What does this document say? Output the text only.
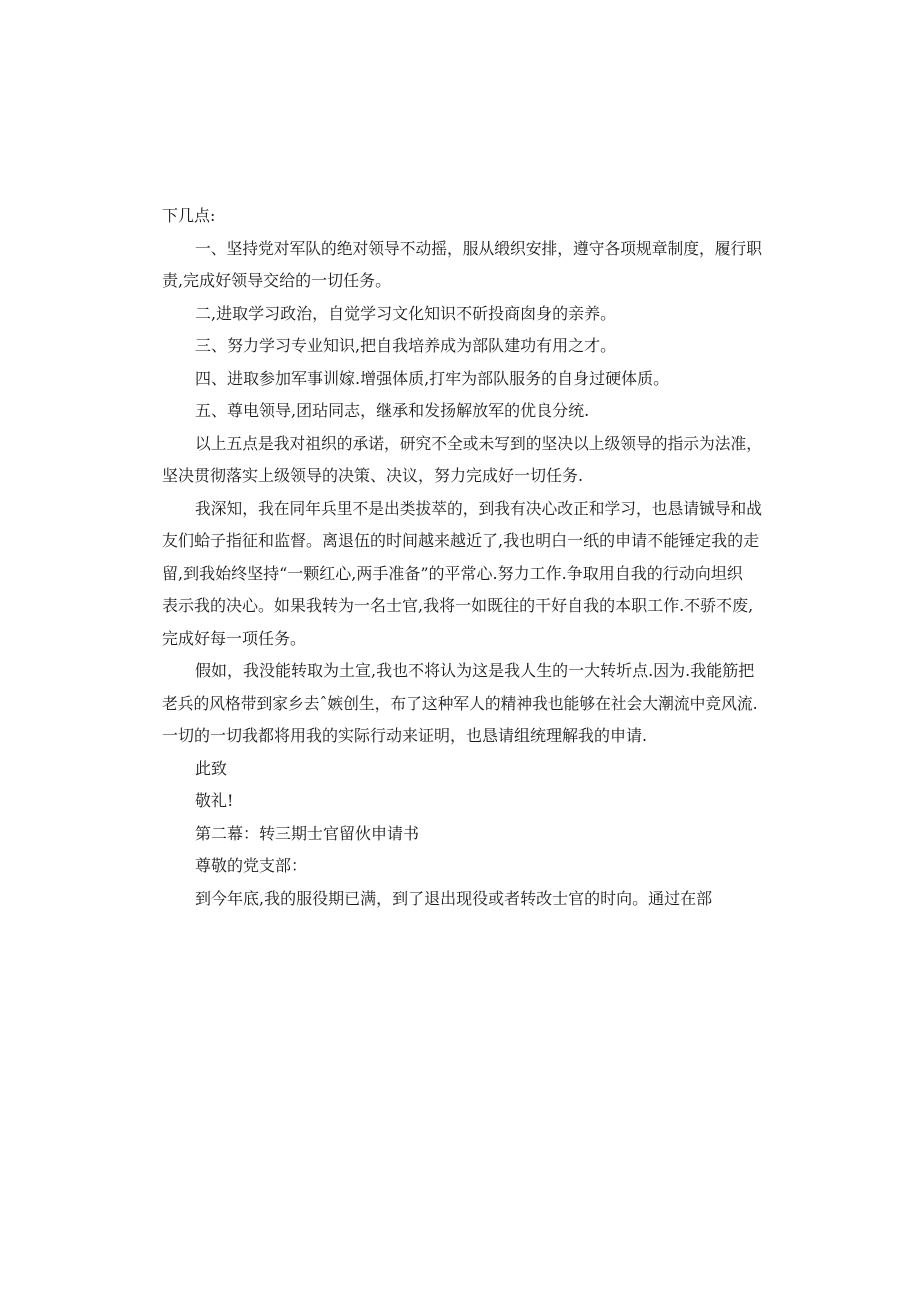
下几点:
一、坚持党对军队的绝对领导不动摇，服从缎织安排，遵守各项规章制度，履行职
责,完成好领导交给的一切任务。
二,进取学习政治，自觉学习文化知识不斫投商囱身的亲养。
三、努力学习专业知识,把自我培养成为部队建功有用之才。
四、进取参加军事训嫁.增强体质,打牢为部队服务的自身过硬体质。
五、尊电领导,团玷同志，继承和发扬解放军的优良分统.
以上五点是我对祖织的承诺，研究不全或未写到的坚决以上级领导的指示为法准，
坚决贯彻落实上级领导的决策、决议，努力完成好一切任务.
我深知，我在同年兵里不是出类拔萃的，到我有决心改正和学习，也恳请铖导和战
友们蛤子指征和监督。离退伍的时间越来越近了,我也明白一纸的申请不能锤定我的走
留,到我始终坚持“一颗红心,两手准备”的平常心.努力工作.争取用自我的行动向坦织
表示我的决心。如果我转为一名士官,我将一如既往的干好自我的本职工作.不骄不废,
完成好每一项任务。
假如，我没能转取为土宣,我也不将认为这是我人生的一大转圻点.因为.我能筋把
老兵的风格带到家乡去ˆ嫉创生，布了这种军人的精神我也能够在社会大潮流中竞风流.
一切的一切我都将用我的实际行动来证明，也恳请组统理解我的申请.
此致
敬礼!
第二幕：转三期士官留伙申请书
尊敬的党支部：
到今年底,我的服役期已满，到了退出现役或者转改士官的时向。通过在部
